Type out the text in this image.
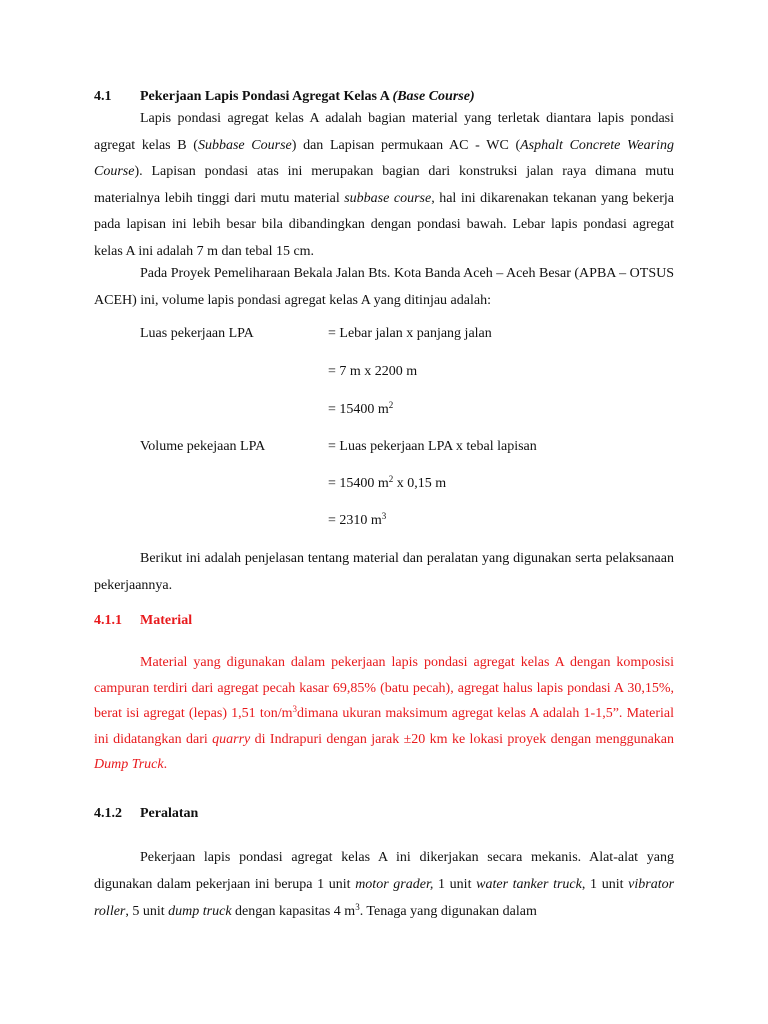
4.1 Pekerjaan Lapis Pondasi Agregat Kelas A (Base Course)
Lapis pondasi agregat kelas A adalah bagian material yang terletak diantara lapis pondasi agregat kelas B (Subbase Course) dan Lapisan permukaan AC - WC (Asphalt Concrete Wearing Course). Lapisan pondasi atas ini merupakan bagian dari konstruksi jalan raya dimana mutu materialnya lebih tinggi dari mutu material subbase course, hal ini dikarenakan tekanan yang bekerja pada lapisan ini lebih besar bila dibandingkan dengan pondasi bawah. Lebar lapis pondasi agregat kelas A ini adalah 7 m dan tebal 15 cm.
Pada Proyek Pemeliharaan Bekala Jalan Bts. Kota Banda Aceh – Aceh Besar (APBA – OTSUS ACEH) ini, volume lapis pondasi agregat kelas A yang ditinjau adalah:
Luas pekerjaan LPA	= Lebar jalan x panjang jalan
= 7 m x 2200 m
= 15400 $m^2$
Volume pekejaan LPA	= Luas pekerjaan LPA x tebal lapisan
= 15400 $m^2$ x 0,15 m
= 2310 $m^3$
Berikut ini adalah penjelasan tentang material dan peralatan yang digunakan serta pelaksanaan pekerjaannya.
4.1.1 Material
Material yang digunakan dalam pekerjaan lapis pondasi agregat kelas A dengan komposisi campuran terdiri dari agregat pecah kasar 69,85% (batu pecah), agregat halus lapis pondasi A 30,15%, berat isi agregat (lepas) 1,51 ton/$m^3dimana$ ukuran maksimum agregat kelas A adalah 1-1,5”. Material ini didatangkan dari quarry di Indrapuri dengan jarak ±20 km ke lokasi proyek dengan menggunakan Dump Truck.
4.1.2 Peralatan
Pekerjaan lapis pondasi agregat kelas A ini dikerjakan secara mekanis. Alat-alat yang digunakan dalam pekerjaan ini berupa 1 unit motor grader, 1 unit water tanker truck, 1 unit vibrator roller, 5 unit dump truck dengan kapasitas 4 $m^3$. Tenaga yang digunakan dalam
